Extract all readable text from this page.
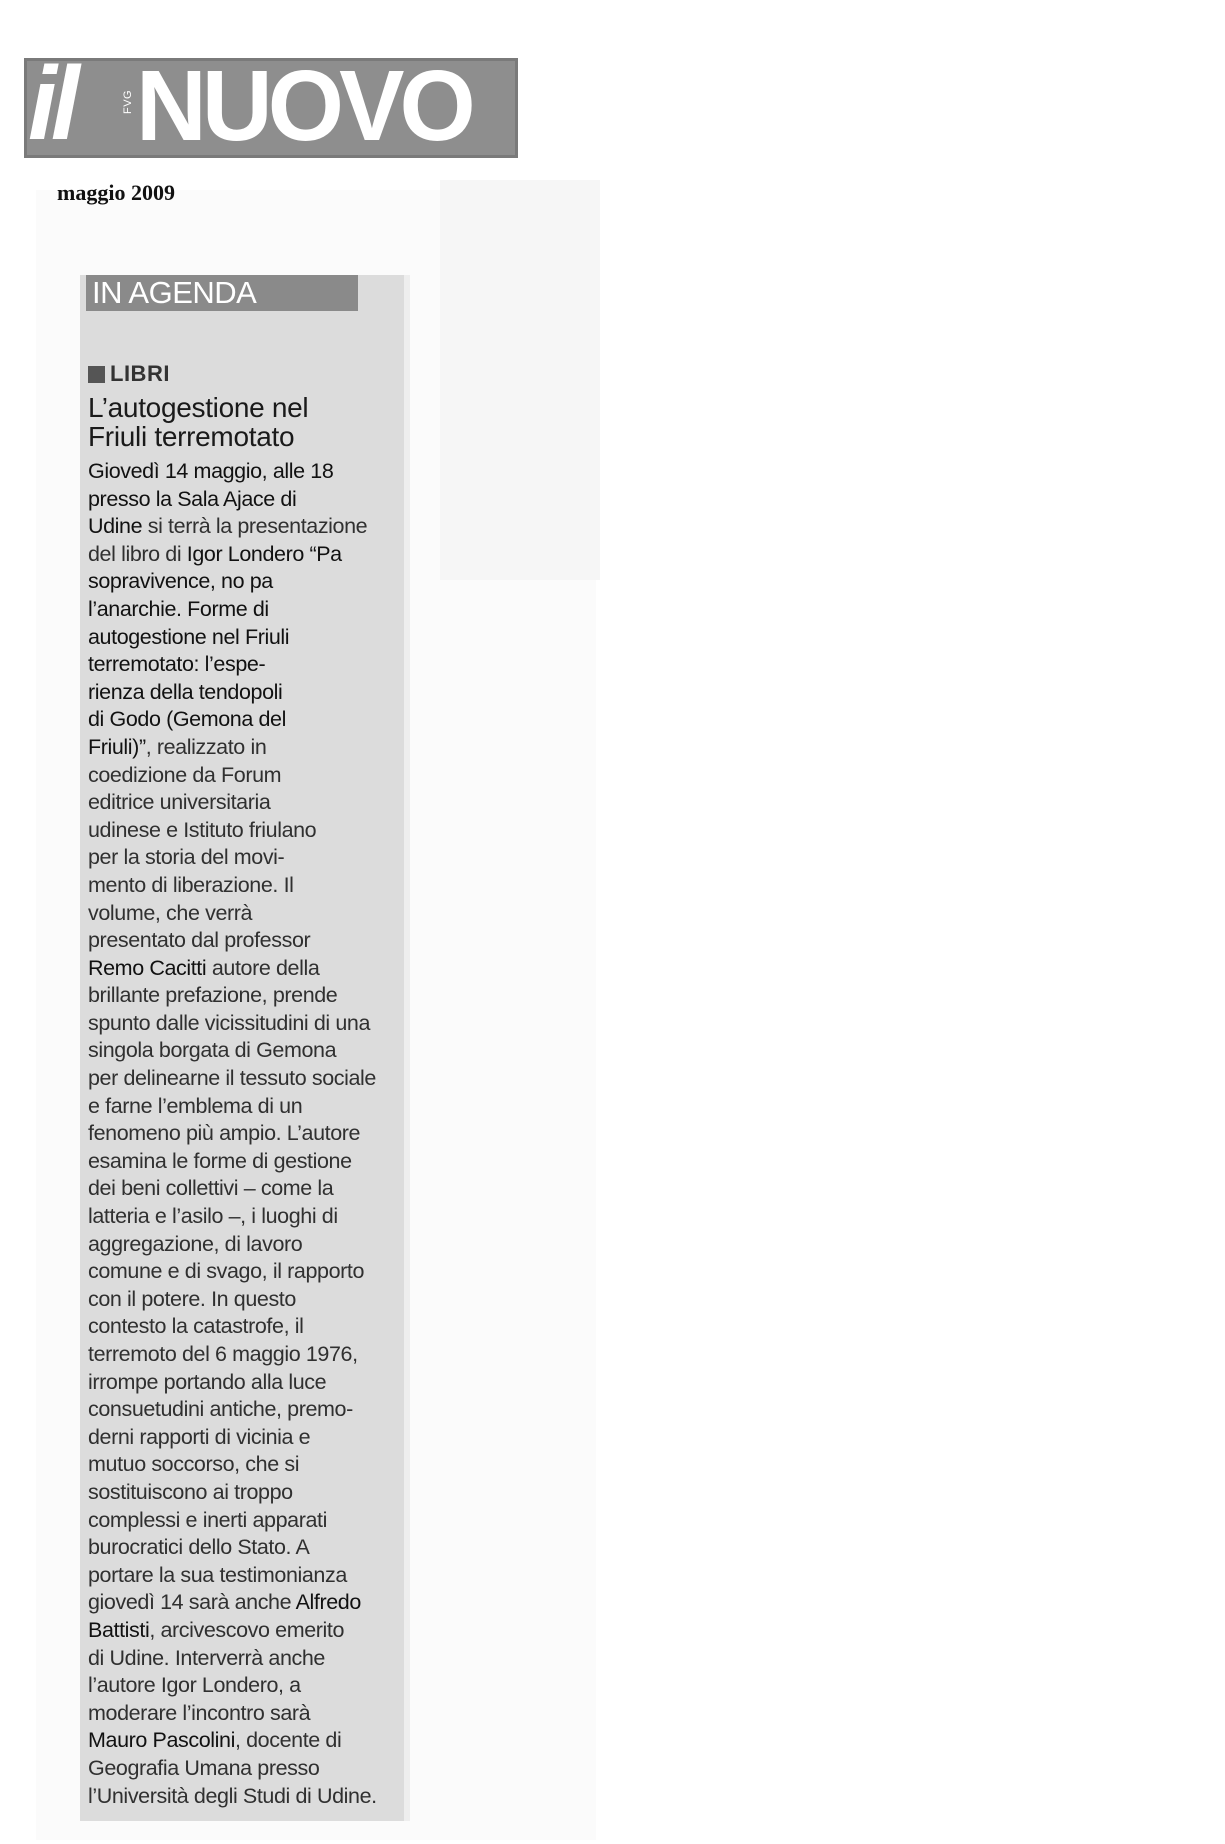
il	FVG NUOVO
maggio 2009
IN AGENDA
LIBRI
L’autogestione nel
Friuli terremotato
Giovedì 14 maggio, alle 18
presso la Sala Ajace di
Udine si terrà la presentazione
del libro di Igor Londero “Pa
sopravivence, no pa
l’anarchie. Forme di
autogestione nel Friuli
terremotato: l’espe-
rienza della tendopoli
di Godo (Gemona del
Friuli)”, realizzato in
coedizione da Forum
editrice universitaria
udinese e Istituto friulano
per la storia del movi-
mento di liberazione. Il
volume, che verrà
presentato dal professor
Remo Cacitti autore della
brillante prefazione, prende
spunto dalle vicissitudini di una
singola borgata di Gemona
per delinearne il tessuto sociale
e farne l’emblema di un
fenomeno più ampio. L’autore
esamina le forme di gestione
dei beni collettivi – come la
latteria e l’asilo –, i luoghi di
aggregazione, di lavoro
comune e di svago, il rapporto
con il potere. In questo
contesto la catastrofe, il
terremoto del 6 maggio 1976,
irrompe portando alla luce
consuetudini antiche, premo-
derni rapporti di vicinia e
mutuo soccorso, che si
sostituiscono ai troppo
complessi e inerti apparati
burocratici dello Stato. A
portare la sua testimonianza
giovedì 14 sarà anche Alfredo
Battisti, arcivescovo emerito
di Udine. Interverrà anche
l’autore Igor Londero, a
moderare l’incontro sarà
Mauro Pascolini, docente di
Geografia Umana presso
l’Università degli Studi di Udine.
